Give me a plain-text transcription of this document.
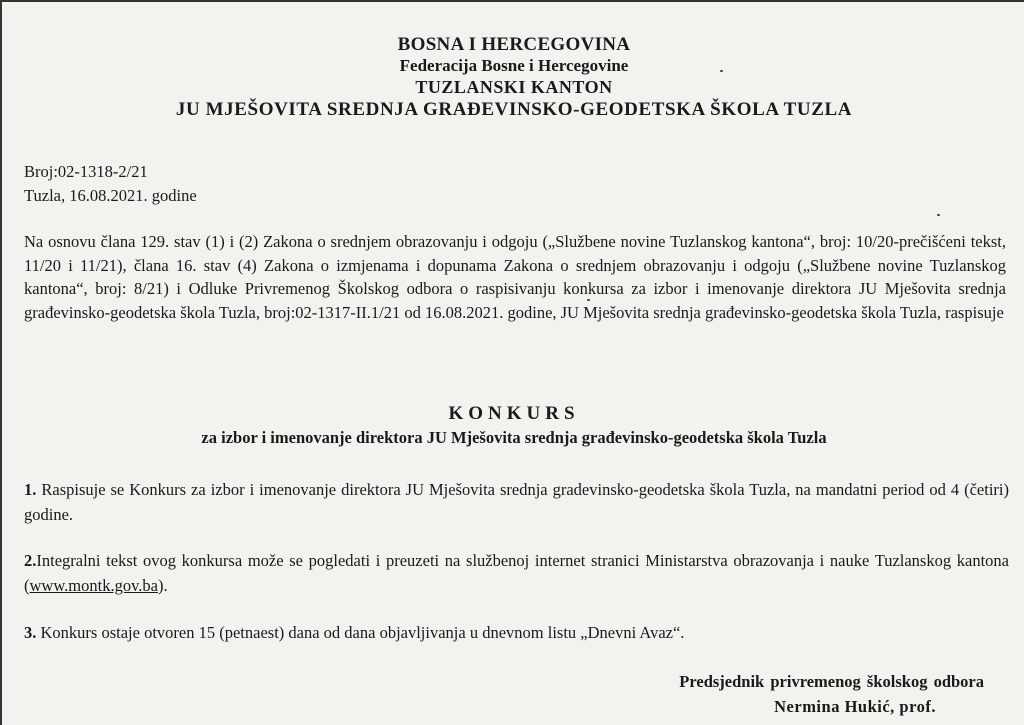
BOSNA I HERCEGOVINA
Federacija Bosne i Hercegovine
TUZLANSKI KANTON
JU MJEŠOVITA SREDNJA GRAĐEVINSKO-GEODETSKA ŠKOLA TUZLA
Broj:02-1318-2/21
Tuzla, 16.08.2021. godine
Na osnovu člana 129. stav (1) i (2) Zakona o srednjem obrazovanju i odgoju („Službene novine Tuzlanskog kantona“, broj: 10/20-prečišćeni tekst, 11/20 i 11/21), člana 16. stav (4) Zakona o izmjenama i dopunama Zakona o srednjem obrazovanju i odgoju („Službene novine Tuzlanskog kantona“, broj: 8/21) i Odluke Privremenog Školskog odbora o raspisivanju konkursa za izbor i imenovanje direktora JU Mješovita srednja građevinsko-geodetska škola Tuzla, broj:02-1317-II.1/21 od 16.08.2021. godine, JU Mješovita srednja građevinsko-geodetska škola Tuzla, raspisuje
KONKURS
za izbor i imenovanje direktora JU Mješovita srednja građevinsko-geodetska škola Tuzla
1. Raspisuje se Konkurs za izbor i imenovanje direktora JU Mješovita srednja gradevinsko-geodetska škola Tuzla, na mandatni period od 4 (četiri) godine.
2.Integralni tekst ovog konkursa može se pogledati i preuzeti na službenoj internet stranici Ministarstva obrazovanja i nauke Tuzlanskog kantona (www.montk.gov.ba).
3. Konkurs ostaje otvoren 15 (petnaest) dana od dana objavljivanja u dnevnom listu „Dnevni Avaz“.
Predsjednik privremenog školskog odbora
Nermina Hukić, prof.
